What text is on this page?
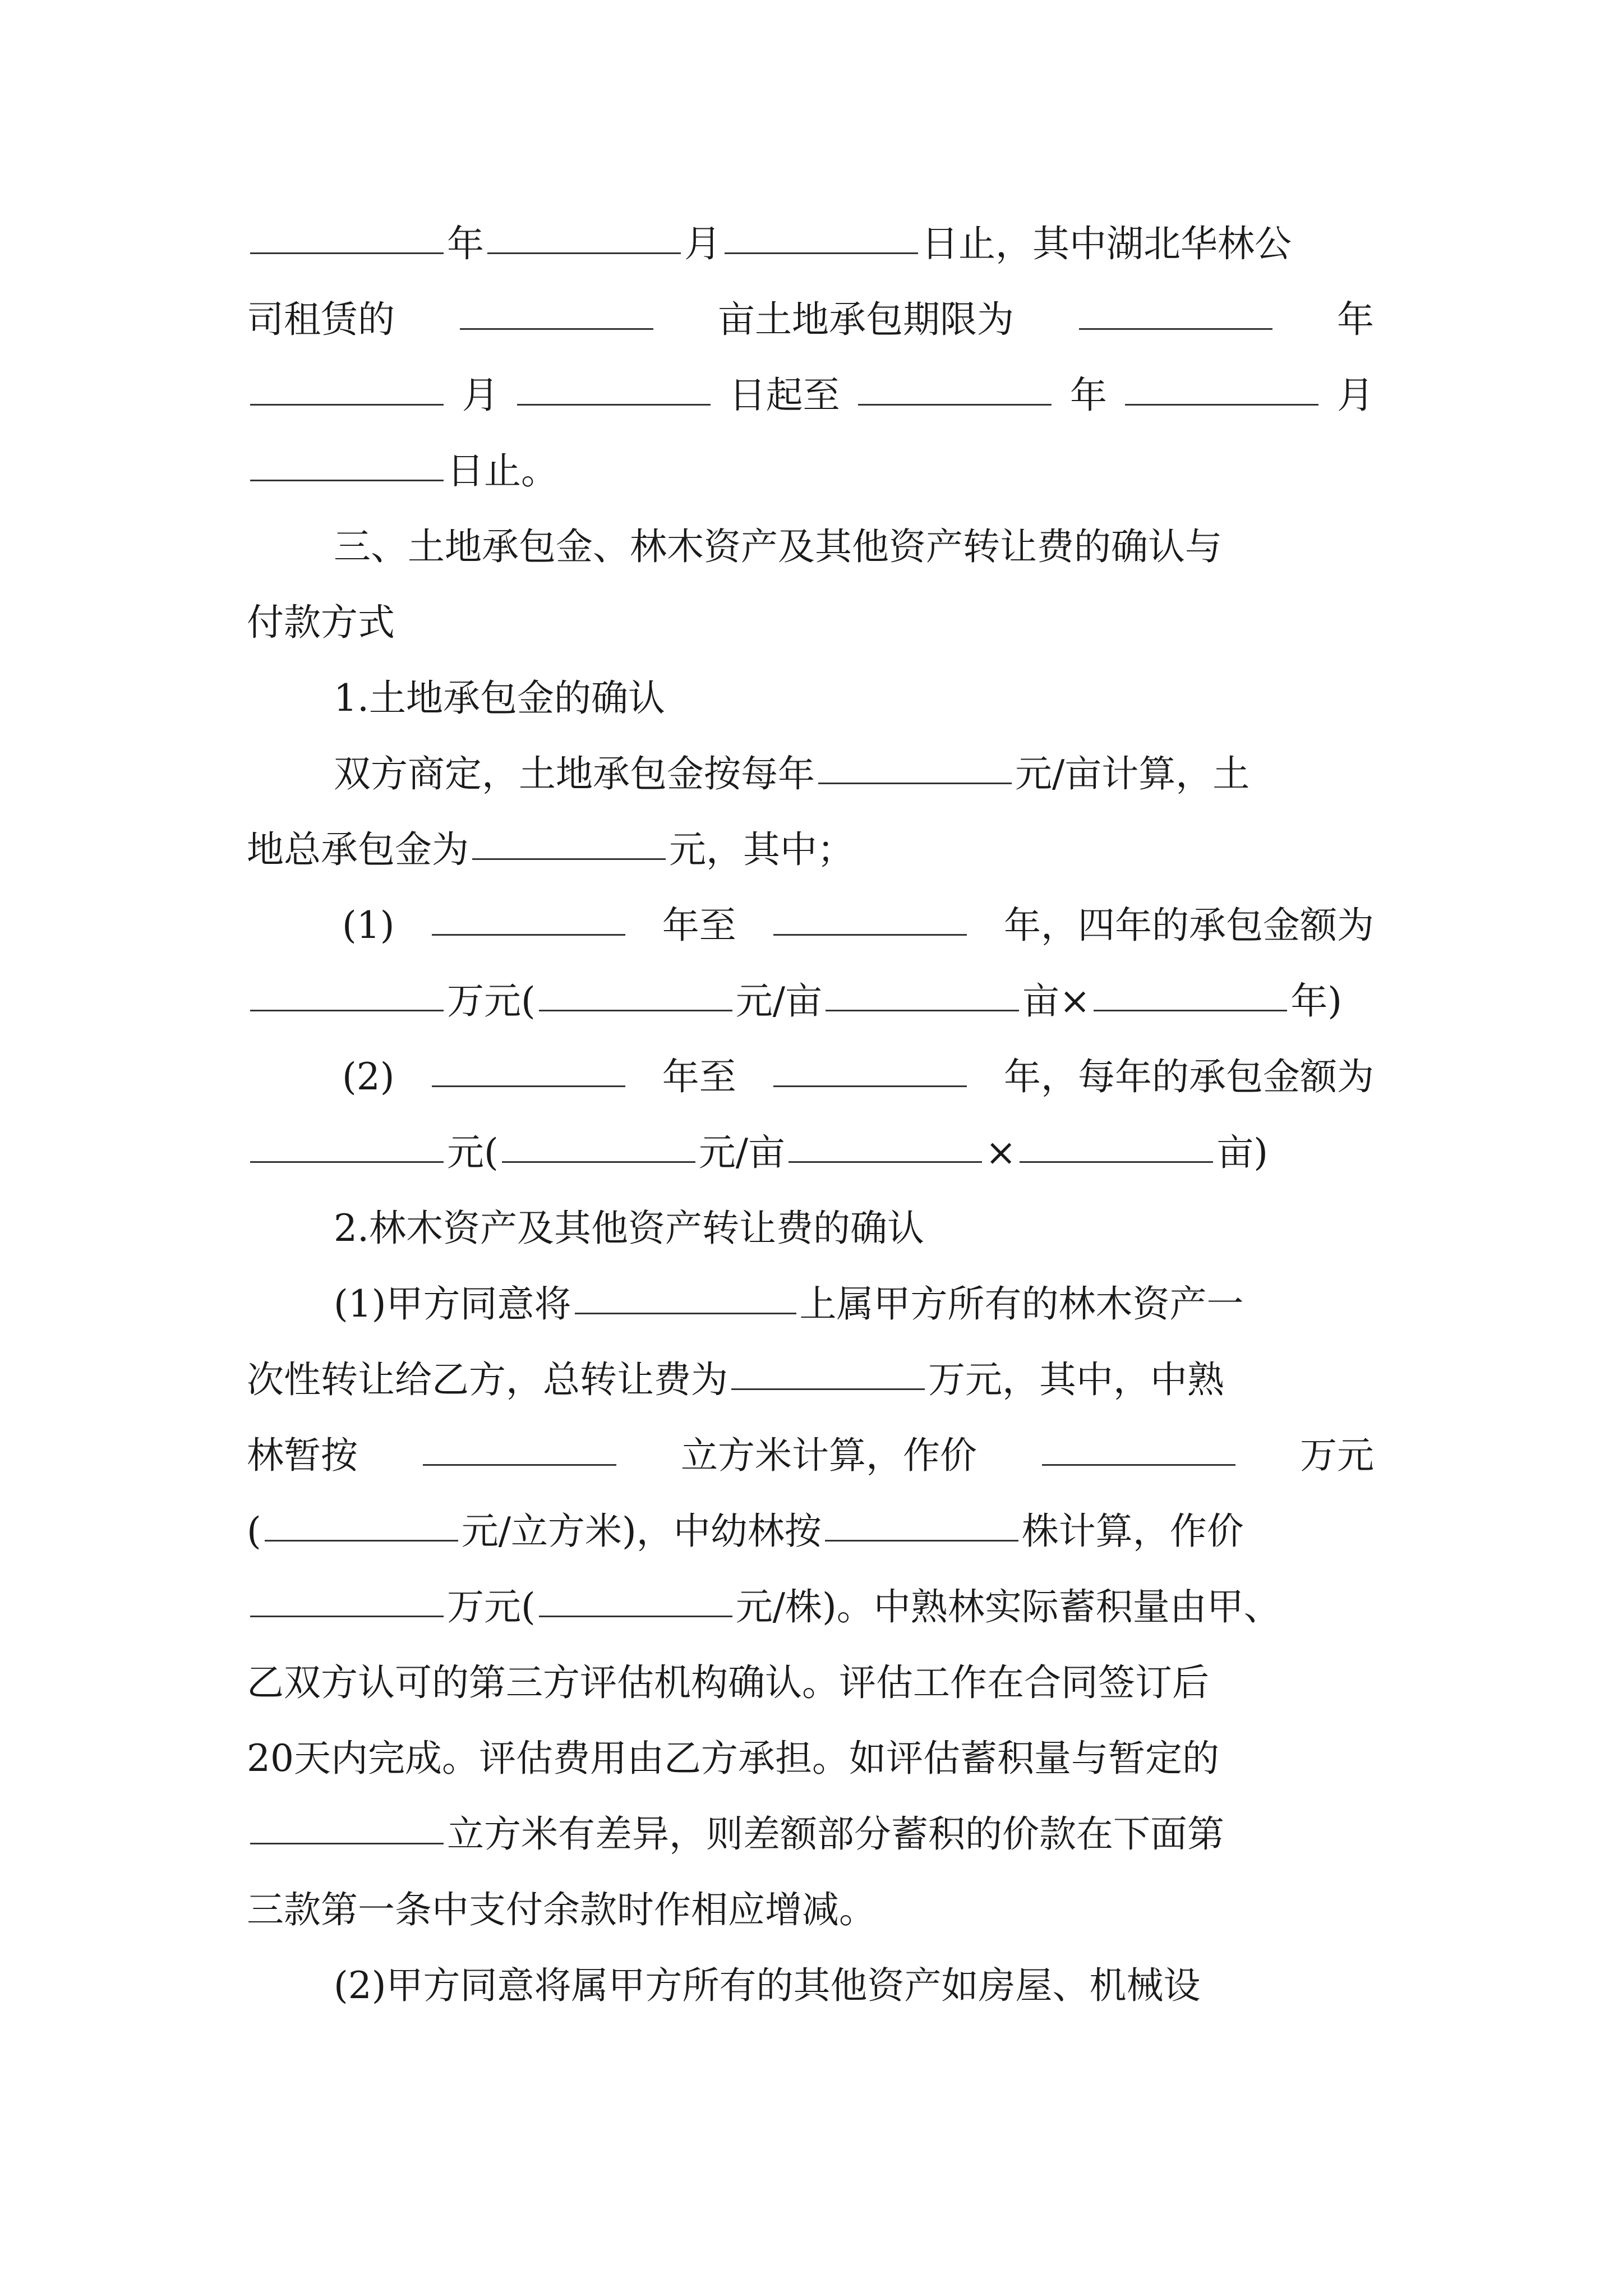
年	月	日止，其中湖北华林公
司租赁的	亩土地承包期限为	年
月	日起至	年	月
日止。
三、土地承包金、林木资产及其他资产转让费的确认与
付款方式
1.土地承包金的确认
双方商定，土地承包金按每年	元/亩计算，土
地总承包金为	元，其中；
(1)	年至	年，四年的承包金额为
万元(	元/亩	亩×	年)
(2)	年至	年，每年的承包金额为
元(	元/亩	×	亩)
2.林木资产及其他资产转让费的确认
(1)甲方同意将	上属甲方所有的林木资产一
次性转让给乙方，总转让费为	万元，其中，中熟
林暂按	立方米计算，作价	万元
(	元/立方米)，中幼林按	株计算，作价
万元(	元/株)。中熟林实际蓄积量由甲、
乙双方认可的第三方评估机构确认。评估工作在合同签订后
20天内完成。评估费用由乙方承担。如评估蓄积量与暂定的
立方米有差异，则差额部分蓄积的价款在下面第
三款第一条中支付余款时作相应增减。
(2)甲方同意将属甲方所有的其他资产如房屋、机械设
